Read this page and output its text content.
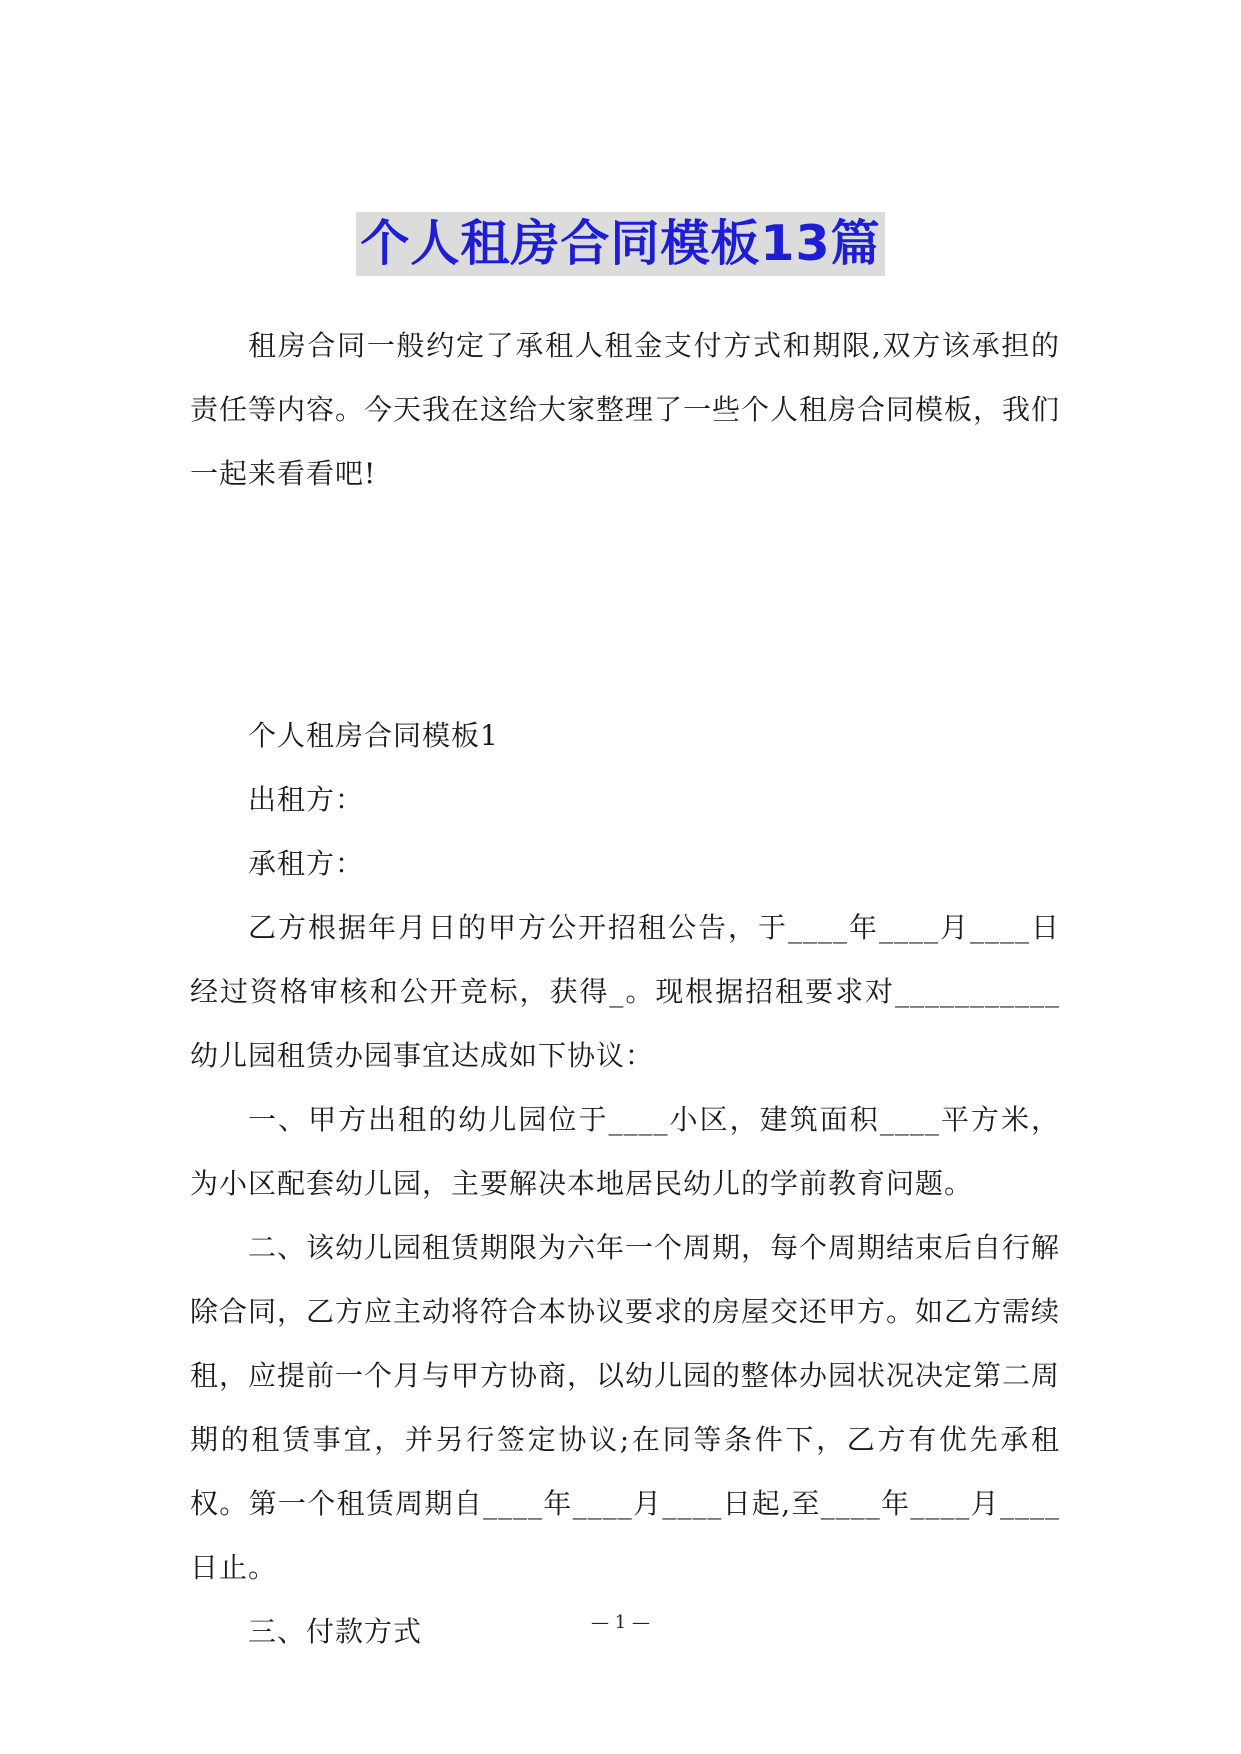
个人租房合同模板13篇

租房合同一般约定了承租人租金支付方式和期限,双方该承担的责任等内容。今天我在这给大家整理了一些个人租房合同模板，我们一起来看看吧!

个人租房合同模板1

出租方：

承租方：

乙方根据年月日的甲方公开招租公告，于____年____月____日经过资格审核和公开竞标，获得_。现根据招租要求对___________幼儿园租赁办园事宜达成如下协议：

一、甲方出租的幼儿园位于____小区，建筑面积____平方米，为小区配套幼儿园，主要解决本地居民幼儿的学前教育问题。

二、该幼儿园租赁期限为六年一个周期，每个周期结束后自行解除合同，乙方应主动将符合本协议要求的房屋交还甲方。如乙方需续租，应提前一个月与甲方协商，以幼儿园的整体办园状况决定第二周期的租赁事宜，并另行签定协议;在同等条件下，乙方有优先承租权。第一个租赁周期自____年____月____日起,至____年____月____日止。

三、付款方式	— 1 —
